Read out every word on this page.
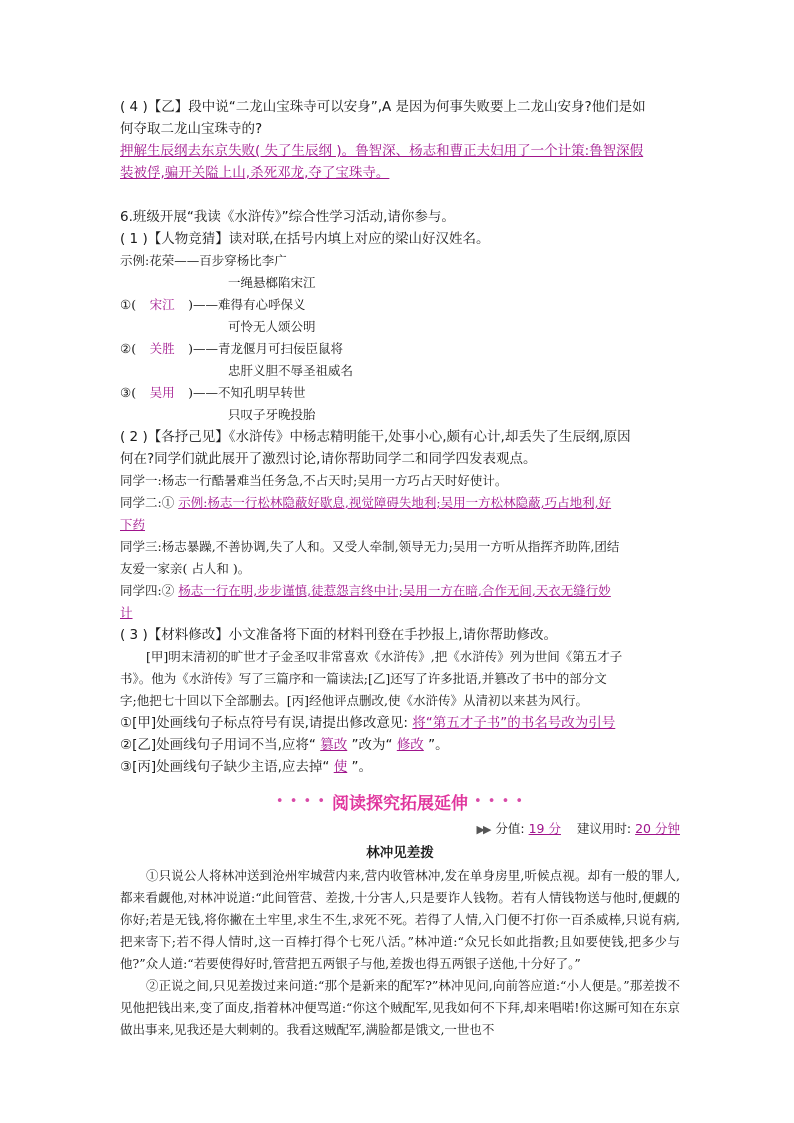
( 4 )【乙】段中说“二龙山宝珠寺可以安身”,A 是因为何事失败要上二龙山安身?他们是如
何夺取二龙山宝珠寺的?
押解生辰纲去东京失败( 失了生辰纲 )。鲁智深、杨志和曹正夫妇用了一个计策:鲁智深假
装被俘,骗开关隘上山,杀死邓龙,夺了宝珠寺。
6.班级开展“我读《水浒传》”综合性学习活动,请你参与。
( 1 )【人物竞猜】读对联,在括号内填上对应的梁山好汉姓名。
示例:花荣——百步穿杨比李广
一绳悬榔陷宋江
①(	宋江	)——难得有心呼保义
可怜无人颂公明
②(	关胜	)——青龙偃月可扫佞臣鼠将
忠肝义胆不辱圣祖威名
③(	吴用	)——不知孔明早转世
只叹子牙晚投胎
( 2 )【各抒己见】《水浒传》中杨志精明能干,处事小心,颇有心计,却丢失了生辰纲,原因
何在?同学们就此展开了激烈讨论,请你帮助同学二和同学四发表观点。
同学一:杨志一行酷暑难当任务急,不占天时;吴用一方巧占天时好使计。
同学二:① 示例:杨志一行松林隐蔽好歇息,视觉障碍失地利;吴用一方松林隐蔽,巧占地利,好
下药
同学三:杨志暴躁,不善协调,失了人和。又受人牵制,领导无力;吴用一方听从指挥齐助阵,团结
友爱一家亲( 占人和 )。
同学四:② 杨志一行在明,步步谨慎,徒惹怨言终中计;吴用一方在暗,合作无间,天衣无缝行妙
计
( 3 )【材料修改】小文准备将下面的材料刊登在手抄报上,请你帮助修改。
[甲]明末清初的旷世才子金圣叹非常喜欢《水浒传》,把《水浒传》列为世间《第五才子
书》。他为《水浒传》写了三篇序和一篇读法;[乙]还写了许多批语,并篡改了书中的部分文
字;他把七十回以下全部删去。[丙]经他评点删改,使《水浒传》从清初以来甚为风行。
①[甲]处画线句子标点符号有误,请提出修改意见: 将“第五才子书”的书名号改为引号
②[乙]处画线句子用词不当,应将“ 篡改 ”改为“ 修改 ”。
③[丙]处画线句子缺少主语,应去掉“ 使 ”。
• • • • 阅读探究拓展延伸 • • • •
▶▶ 分值: 19 分 建议用时: 20 分钟
林冲见差拨
①只说公人将林冲送到沧州牢城营内来,营内收管林冲,发在单身房里,听候点视。却有一般的罪人,都来看觑他,对林冲说道:“此间管营、差拨,十分害人,只是要诈人钱物。若有人情钱物送与他时,便觑的你好;若是无钱,将你撇在土牢里,求生不生,求死不死。若得了人情,入门便不打你一百杀威棒,只说有病,把来寄下;若不得人情时,这一百棒打得个七死八活。”林冲道:“众兄长如此指教;且如要使钱,把多少与他?”众人道:“若要使得好时,管营把五两银子与他,差拨也得五两银子送他,十分好了。”
②正说之间,只见差拨过来问道:“那个是新来的配军?”林冲见问,向前答应道:“小人便是。”那差拨不见他把钱出来,变了面皮,指着林冲便骂道:“你这个贼配军,见我如何不下拜,却来唱喏!你这厮可知在东京做出事来,见我还是大刺刺的。我看这贼配军,满脸都是饿文,一世也不
